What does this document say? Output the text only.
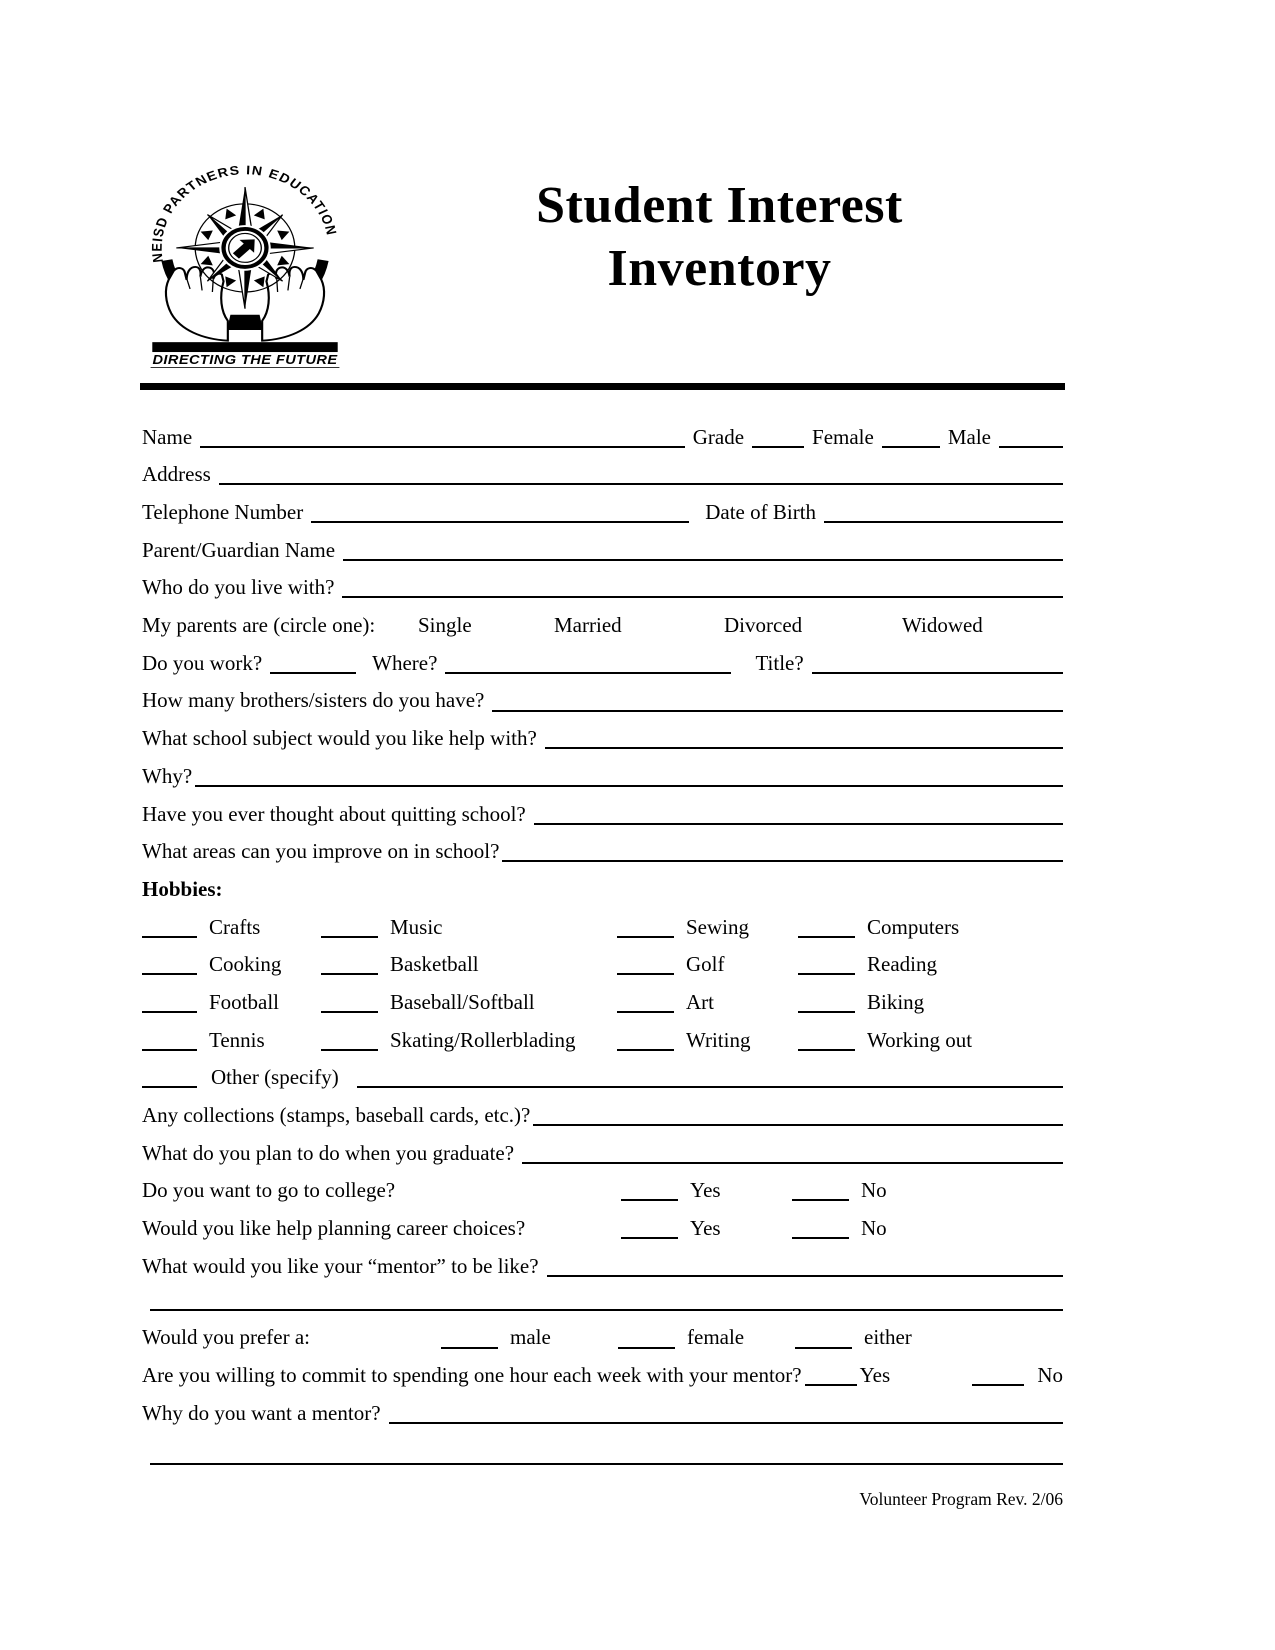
NEISD PARTNERS IN EDUCATION
DIRECTING THE FUTURE
Student Interest
Inventory
Name	Grade	Female	Male
Address
Telephone Number	Date of Birth
Parent/Guardian Name
Who do you live with?
My parents are (circle one):	Single	Married	Divorced	Widowed
Do you work?	Where?	Title?
How many brothers/sisters do you have?
What school subject would you like help with?
Why?
Have you ever thought about quitting school?
What areas can you improve on in school?
Hobbies:
Crafts	Music	Sewing	Computers
Cooking	Basketball	Golf	Reading
Football	Baseball/Softball	Art	Biking
Tennis	Skating/Rollerblading	Writing	Working out
Other (specify)
Any collections (stamps, baseball cards, etc.)?
What do you plan to do when you graduate?
Do you want to go to college?	Yes	No
Would you like help planning career choices?	Yes	No
What would you like your “mentor” to be like?
Would you prefer a:	male	female	either
Are you willing to commit to spending one hour each week with your mentor?	Yes	No
Why do you want a mentor?
Volunteer Program Rev. 2/06
